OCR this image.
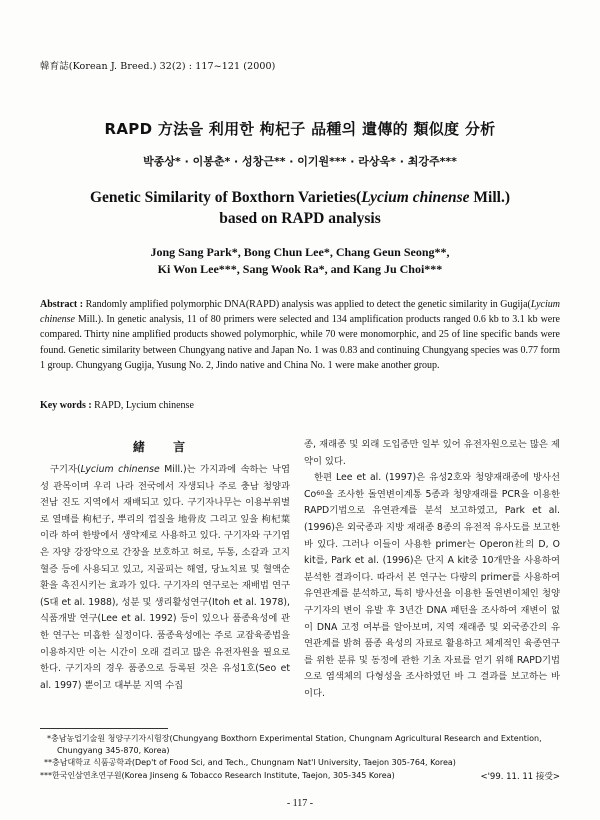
韓育誌(Korean J. Breed.) 32(2) : 117~121 (2000)
RAPD 方法을 利用한 枸杞子 品種의 遺傳的 類似度 分析
박종상* · 이봉춘* · 성창근** · 이기원*** · 라상욱* · 최강주***
Genetic Similarity of Boxthorn Varieties(Lycium chinense Mill.)
based on RAPD analysis
Jong Sang Park*, Bong Chun Lee*, Chang Geun Seong**,
Ki Won Lee***, Sang Wook Ra*, and Kang Ju Choi***
Abstract : Randomly amplified polymorphic DNA(RAPD) analysis was applied to detect the genetic similarity in Gugija(Lycium chinense Mill.). In genetic analysis, 11 of 80 primers were selected and 134 amplification products ranged 0.6 kb to 3.1 kb were compared. Thirty nine amplified products showed polymorphic, while 70 were monomorphic, and 25 of line specific bands were found. Genetic similarity between Chungyang native and Japan No. 1 was 0.83 and continuing Chungyang species was 0.77 form 1 group. Chungyang Gugija, Yusung No. 2, Jindo native and China No. 1 were make another group.
Key words : RAPD, Lycium chinense
緒 言
구기자(Lycium chinense Mill.)는 가지과에 속하는 낙엽성 관목이며 우리 나라 전국에서 자생되나 주로 충남 청양과 전남 진도 지역에서 재배되고 있다. 구기자나무는 이용부위별로 열매를 枸杞子, 뿌리의 껍질을 地骨皮 그리고 잎을 枸杞葉이라 하여 한방에서 생약제로 사용하고 있다. 구기자와 구기엽은 자양 강장약으로 간장을 보호하고 허로, 두통, 소갈과 고지혈증 등에 사용되고 있고, 지골피는 해열, 당뇨치료 및 혈액순환을 촉진시키는 효과가 있다. 구기자의 연구로는 재배법 연구(S대 et al. 1988), 성분 및 생리활성연구(Itoh et al. 1978), 식품개발 연구(Lee et al. 1992) 등이 있으나 품종육성에 관한 연구는 미흡한 실정이다. 품종육성에는 주로 교잡육종법을 이용하지만 이는 시간이 오래 걸리고 많은 유전자원을 필요로 한다. 구기자의 경우 품종으로 등록된 것은 유성1호(Seo et al. 1997) 뿐이고 대부분 지역 수집
종, 재래종 및 외래 도입종만 일부 있어 유전자원으로는 많은 제약이 있다.
한편 Lee et al. (1997)은 유성2호와 청양재래종에 방사선 Co$^{60}$을 조사한 돌연변이계통 5종과 청양재래를 PCR을 이용한 RAPD기법으로 유연관계를 분석 보고하였고, Park et al. (1996)은 외국종과 지방 재래종 8종의 유전적 유사도를 보고한 바 있다. 그러나 이들이 사용한 primer는 Operon社의 D, O kit를, Park et al. (1996)은 단지 A kit중 10개만을 사용하여 분석한 결과이다. 따라서 본 연구는 다량의 primer를 사용하여 유연관계를 분석하고, 특히 방사선을 이용한 돌연변이체인 청양구기자의 변이 유발 후 3년간 DNA 패턴을 조사하여 재변이 없이 DNA 고정 여부를 알아보며, 지역 재래종 및 외국종간의 유연관계를 밝혀 품종 육성의 자료로 활용하고 체계적인 육종연구를 위한 분류 및 동정에 관한 기초 자료를 얻기 위해 RAPD기법으로 염색체의 다형성을 조사하였던 바 그 결과를 보고하는 바이다.
*충남농업기술원 청양구기자시험장(Chungyang Boxthorn Experimental Station, Chungnam Agricultural Research and Extention, Chungyang 345-870, Korea)
**충남대학교 식품공학과(Dep't of Food Sci, and Tech., Chungnam Nat'l University, Taejon 305-764, Korea)
***한국인삼연초연구원(Korea Jinseng & Tobacco Research Institute, Taejon, 305-345 Korea)	<'99. 11. 11 接受>
- 117 -
